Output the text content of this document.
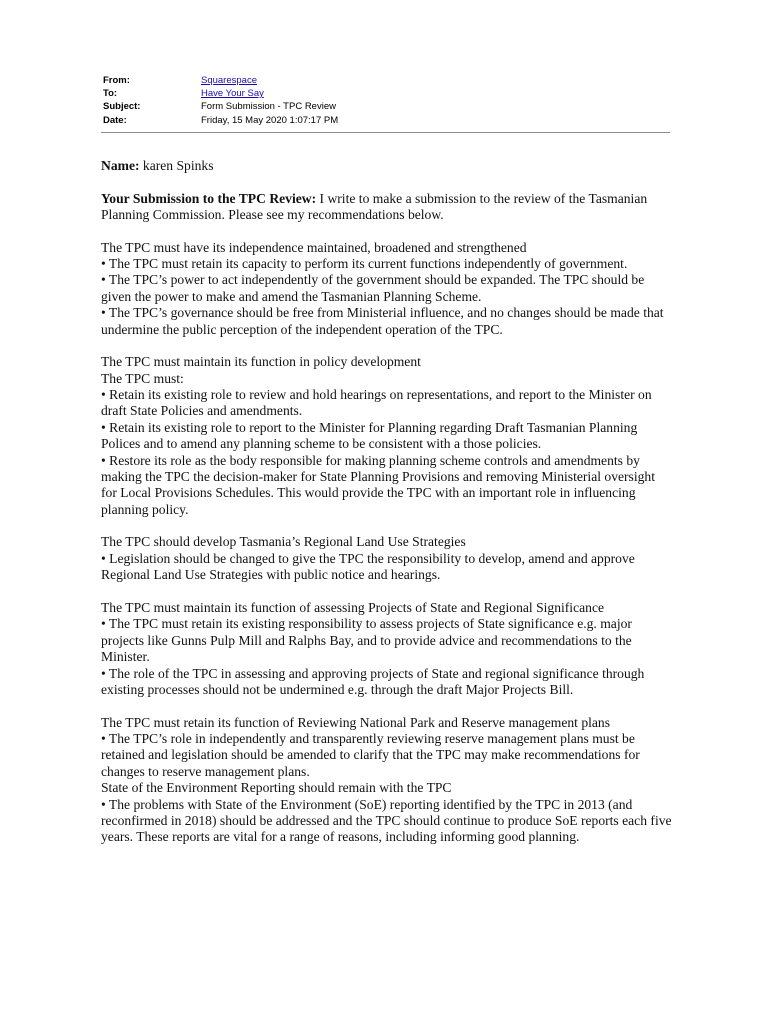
From:	Squarespace
To:	Have Your Say
Subject:	Form Submission - TPC Review
Date:	Friday, 15 May 2020 1:07:17 PM

Name: karen Spinks

Your Submission to the TPC Review: I write to make a submission to the review of the Tasmanian Planning Commission. Please see my recommendations below.

The TPC must have its independence maintained, broadened and strengthened
• The TPC must retain its capacity to perform its current functions independently of government.
• The TPC’s power to act independently of the government should be expanded. The TPC should be given the power to make and amend the Tasmanian Planning Scheme.
• The TPC’s governance should be free from Ministerial influence, and no changes should be made that undermine the public perception of the independent operation of the TPC.

The TPC must maintain its function in policy development
The TPC must:
• Retain its existing role to review and hold hearings on representations, and report to the Minister on draft State Policies and amendments.
• Retain its existing role to report to the Minister for Planning regarding Draft Tasmanian Planning Polices and to amend any planning scheme to be consistent with a those policies.
• Restore its role as the body responsible for making planning scheme controls and amendments by making the TPC the decision-maker for State Planning Provisions and removing Ministerial oversight for Local Provisions Schedules. This would provide the TPC with an important role in influencing planning policy.

The TPC should develop Tasmania’s Regional Land Use Strategies
• Legislation should be changed to give the TPC the responsibility to develop, amend and approve Regional Land Use Strategies with public notice and hearings.

The TPC must maintain its function of assessing Projects of State and Regional Significance
• The TPC must retain its existing responsibility to assess projects of State significance e.g. major projects like Gunns Pulp Mill and Ralphs Bay, and to provide advice and recommendations to the Minister.
• The role of the TPC in assessing and approving projects of State and regional significance through existing processes should not be undermined e.g. through the draft Major Projects Bill.

The TPC must retain its function of Reviewing National Park and Reserve management plans
• The TPC’s role in independently and transparently reviewing reserve management plans must be retained and legislation should be amended to clarify that the TPC may make recommendations for changes to reserve management plans.
State of the Environment Reporting should remain with the TPC
• The problems with State of the Environment (SoE) reporting identified by the TPC in 2013 (and reconfirmed in 2018) should be addressed and the TPC should continue to produce SoE reports each five years. These reports are vital for a range of reasons, including informing good planning.
